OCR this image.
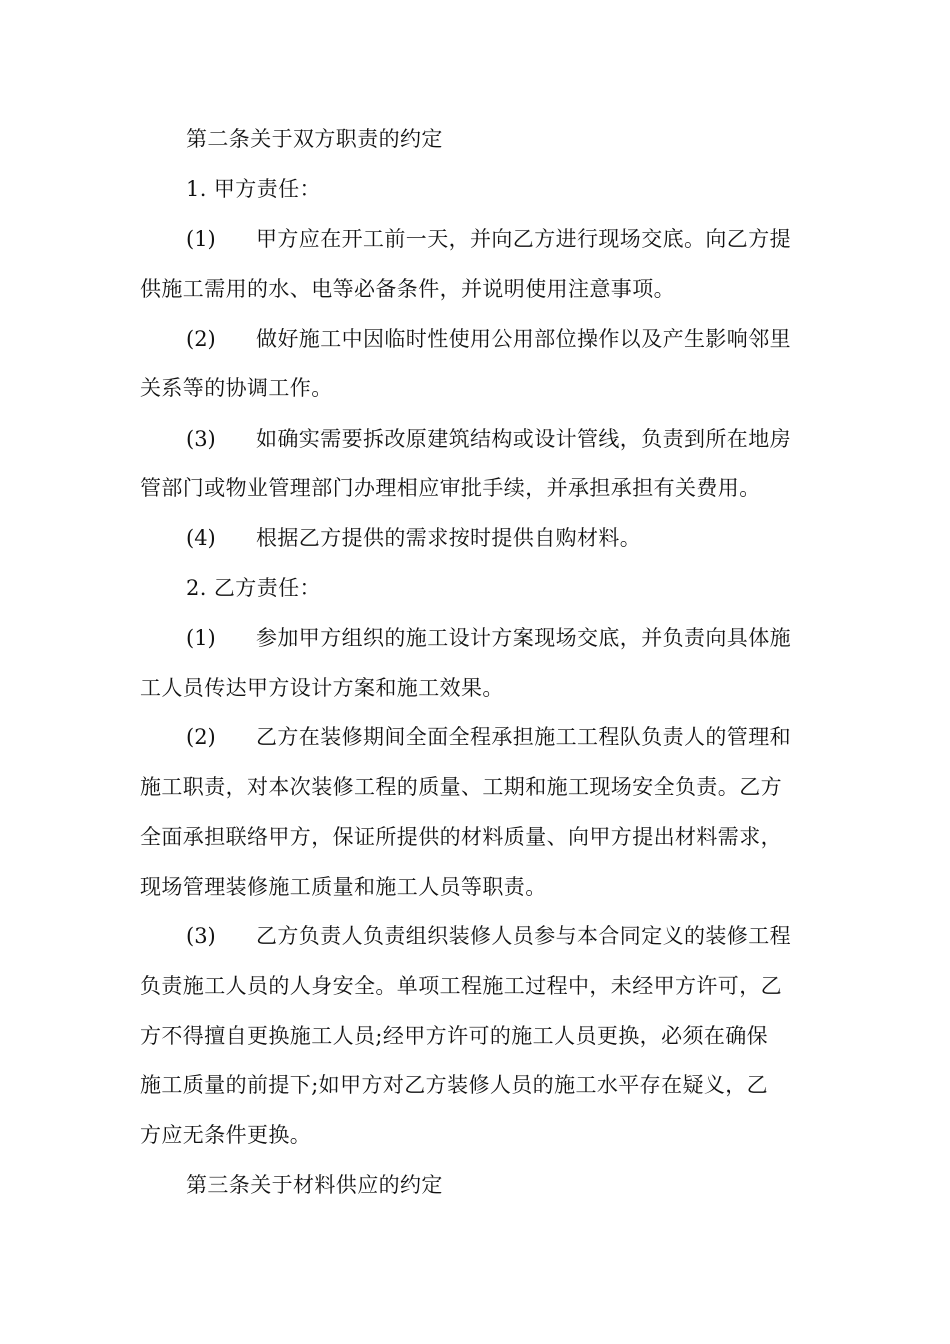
第二条关于双方职责的约定
1. 甲方责任：
(1) 甲方应在开工前一天，并向乙方进行现场交底。向乙方提
供施工需用的水、电等必备条件，并说明使用注意事项。
(2) 做好施工中因临时性使用公用部位操作以及产生影响邻里
关系等的协调工作。
(3) 如确实需要拆改原建筑结构或设计管线，负责到所在地房
管部门或物业管理部门办理相应审批手续，并承担承担有关费用。
(4) 根据乙方提供的需求按时提供自购材料。
2. 乙方责任：
(1) 参加甲方组织的施工设计方案现场交底，并负责向具体施
工人员传达甲方设计方案和施工效果。
(2) 乙方在装修期间全面全程承担施工工程队负责人的管理和
施工职责，对本次装修工程的质量、工期和施工现场安全负责。乙方
全面承担联络甲方，保证所提供的材料质量、向甲方提出材料需求，
现场管理装修施工质量和施工人员等职责。
(3) 乙方负责人负责组织装修人员参与本合同定义的装修工程
负责施工人员的人身安全。单项工程施工过程中，未经甲方许可，乙
方不得擅自更换施工人员;经甲方许可的施工人员更换，必须在确保
施工质量的前提下;如甲方对乙方装修人员的施工水平存在疑义，乙
方应无条件更换。
第三条关于材料供应的约定
